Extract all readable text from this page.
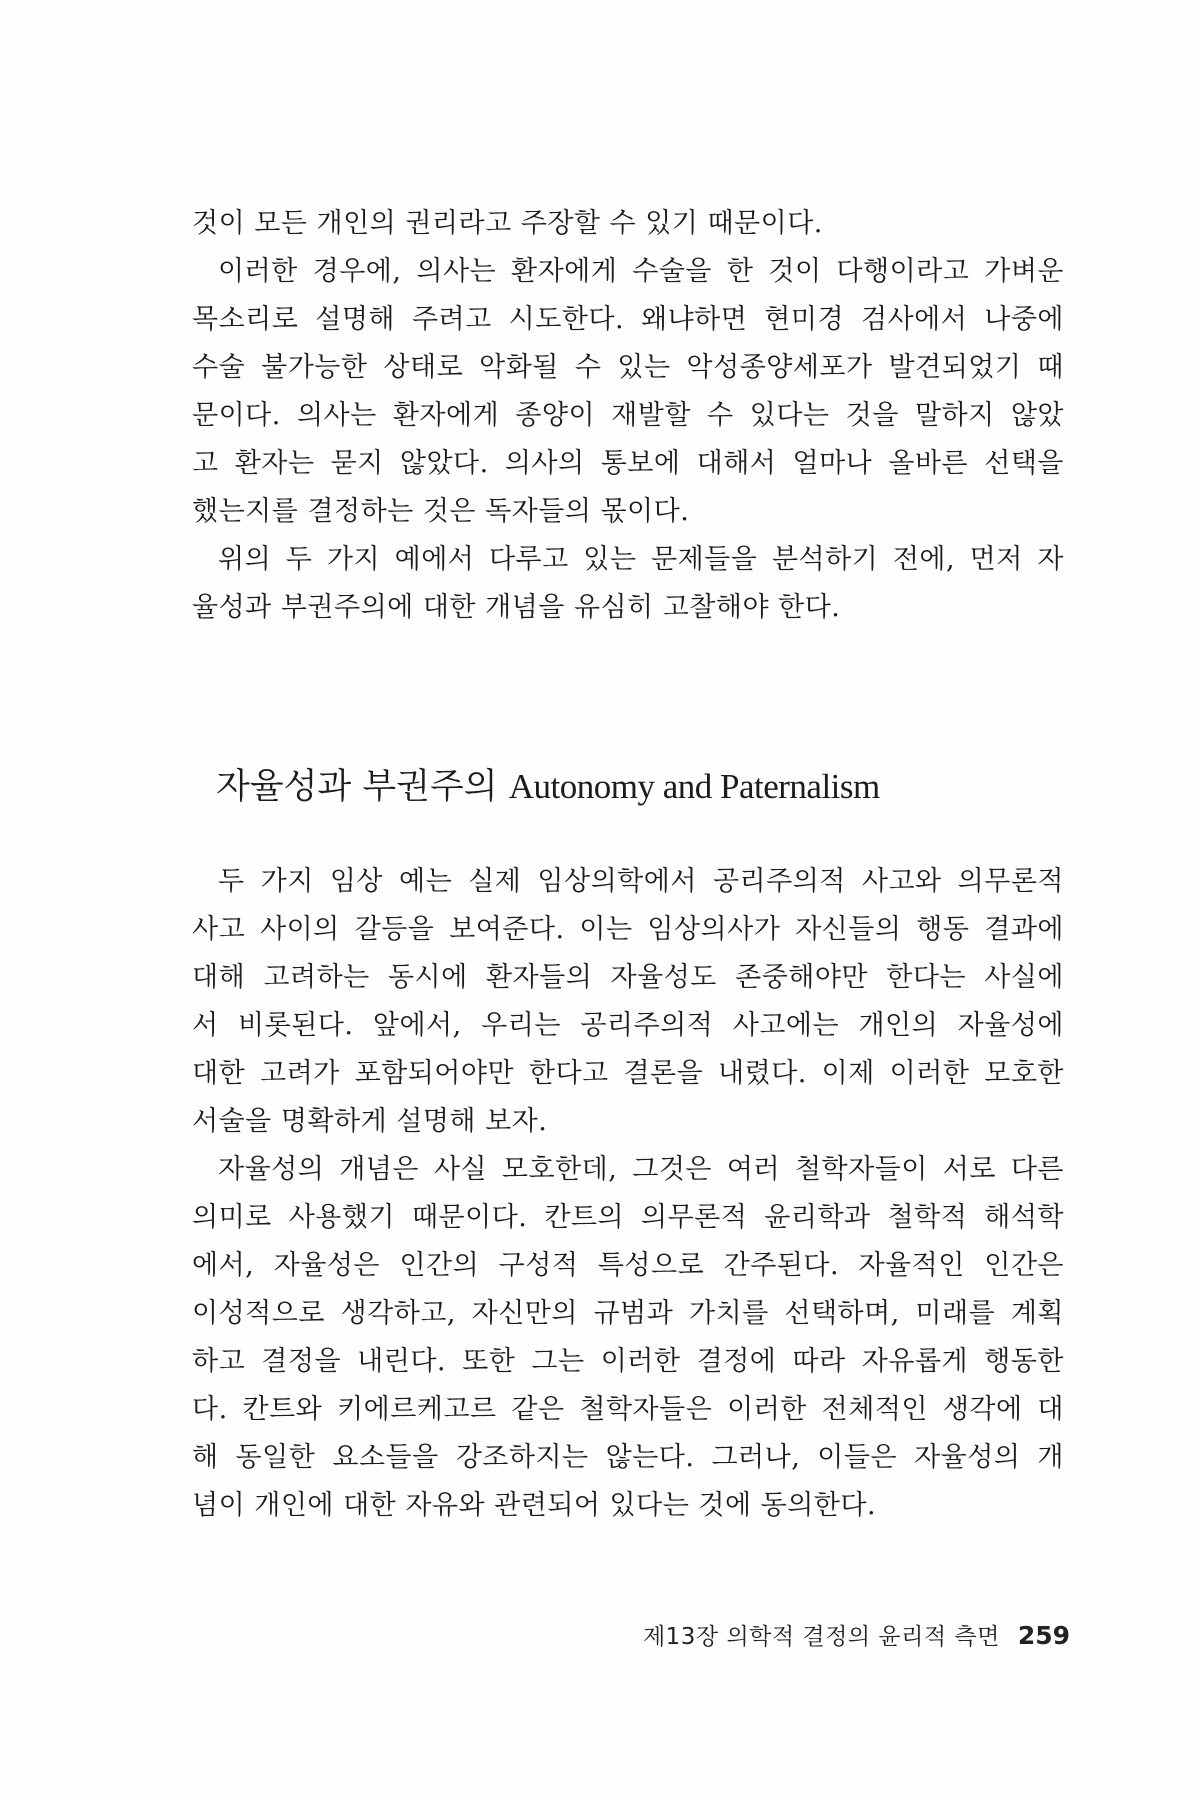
것이 모든 개인의 권리라고 주장할 수 있기 때문이다.
이러한 경우에, 의사는 환자에게 수술을 한 것이 다행이라고 가벼운
목소리로 설명해 주려고 시도한다. 왜냐하면 현미경 검사에서 나중에
수술 불가능한 상태로 악화될 수 있는 악성종양세포가 발견되었기 때
문이다. 의사는 환자에게 종양이 재발할 수 있다는 것을 말하지 않았
고 환자는 묻지 않았다. 의사의 통보에 대해서 얼마나 올바른 선택을
했는지를 결정하는 것은 독자들의 몫이다.
위의 두 가지 예에서 다루고 있는 문제들을 분석하기 전에, 먼저 자
율성과 부권주의에 대한 개념을 유심히 고찰해야 한다.
자율성과 부권주의 Autonomy and Paternalism
두 가지 임상 예는 실제 임상의학에서 공리주의적 사고와 의무론적
사고 사이의 갈등을 보여준다. 이는 임상의사가 자신들의 행동 결과에
대해 고려하는 동시에 환자들의 자율성도 존중해야만 한다는 사실에
서 비롯된다. 앞에서, 우리는 공리주의적 사고에는 개인의 자율성에
대한 고려가 포함되어야만 한다고 결론을 내렸다. 이제 이러한 모호한
서술을 명확하게 설명해 보자.
자율성의 개념은 사실 모호한데, 그것은 여러 철학자들이 서로 다른
의미로 사용했기 때문이다. 칸트의 의무론적 윤리학과 철학적 해석학
에서, 자율성은 인간의 구성적 특성으로 간주된다. 자율적인 인간은
이성적으로 생각하고, 자신만의 규범과 가치를 선택하며, 미래를 계획
하고 결정을 내린다. 또한 그는 이러한 결정에 따라 자유롭게 행동한
다. 칸트와 키에르케고르 같은 철학자들은 이러한 전체적인 생각에 대
해 동일한 요소들을 강조하지는 않는다. 그러나, 이들은 자율성의 개
념이 개인에 대한 자유와 관련되어 있다는 것에 동의한다.
제13장 의학적 결정의 윤리적 측면 259
